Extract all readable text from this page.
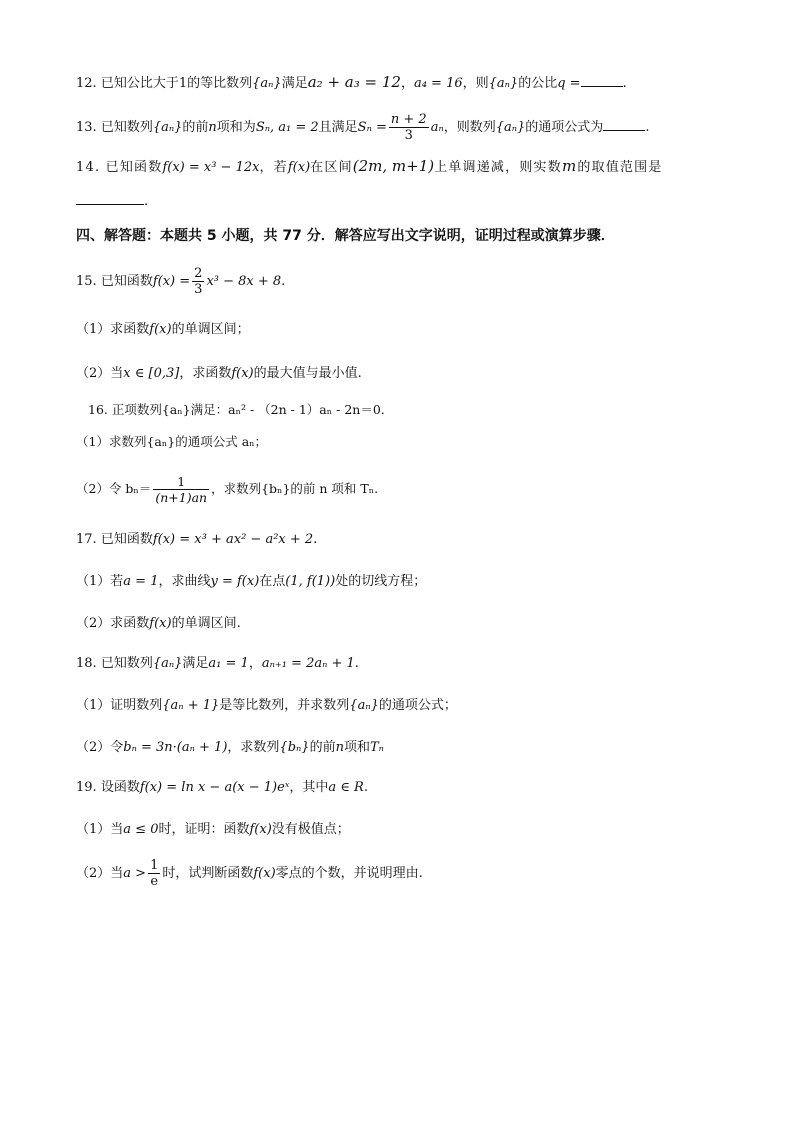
12. 已知公比大于1的等比数列{aₙ}满足a₂ + a₃ = 12，a₄ = 16，则{aₙ}的公比q =	.
13. 已知数列{aₙ}的前n项和为Sₙ, a₁ = 2且满足$S_n = \frac{n + 2}{3}$ aₙ，则数列{aₙ}的通项公式为	.
14. 已知函数f(x) = x³ − 12x，若f(x)在区间(2m, m+1)上单调递减，则实数m的取值范围是
.
四、解答题：本题共 5 小题，共 77 分．解答应写出文字说明，证明过程或演算步骤．
15. 已知函数$f(x) = \frac{2}{3} x^3 - 8x + 8$.
（1）求函数f(x)的单调区间；
（2）当x ∈ [0,3]，求函数f(x)的最大值与最小值.
16. 正项数列{aₙ}满足：aₙ² - （2n - 1）aₙ - 2n＝0．
（1）求数列{aₙ}的通项公式 aₙ；
（2）令 $b_n= \frac{1}{(n+1)an}$ ，求数列{bₙ}的前 n 项和 Tₙ.
17. 已知函数f(x) = x³ + ax² − a²x + 2.
（1）若a = 1，求曲线y = f(x)在点(1, f(1))处的切线方程；
（2）求函数f(x)的单调区间.
18. 已知数列{aₙ}满足a₁ = 1，aₙ₊₁ = 2aₙ + 1.
（1）证明数列{aₙ + 1}是等比数列，并求数列{aₙ}的通项公式；
（2）令bₙ = 3n·(aₙ + 1)，求数列{bₙ}的前n项和Tₙ
19. 设函数f(x) = ln x − a(x − 1)eˣ，其中a ∈ R.
（1）当a ≤ 0时，证明：函数f(x)没有极值点；
（2）当$a > \frac{1}{e}$ 时，试判断函数f(x)零点的个数，并说明理由.
